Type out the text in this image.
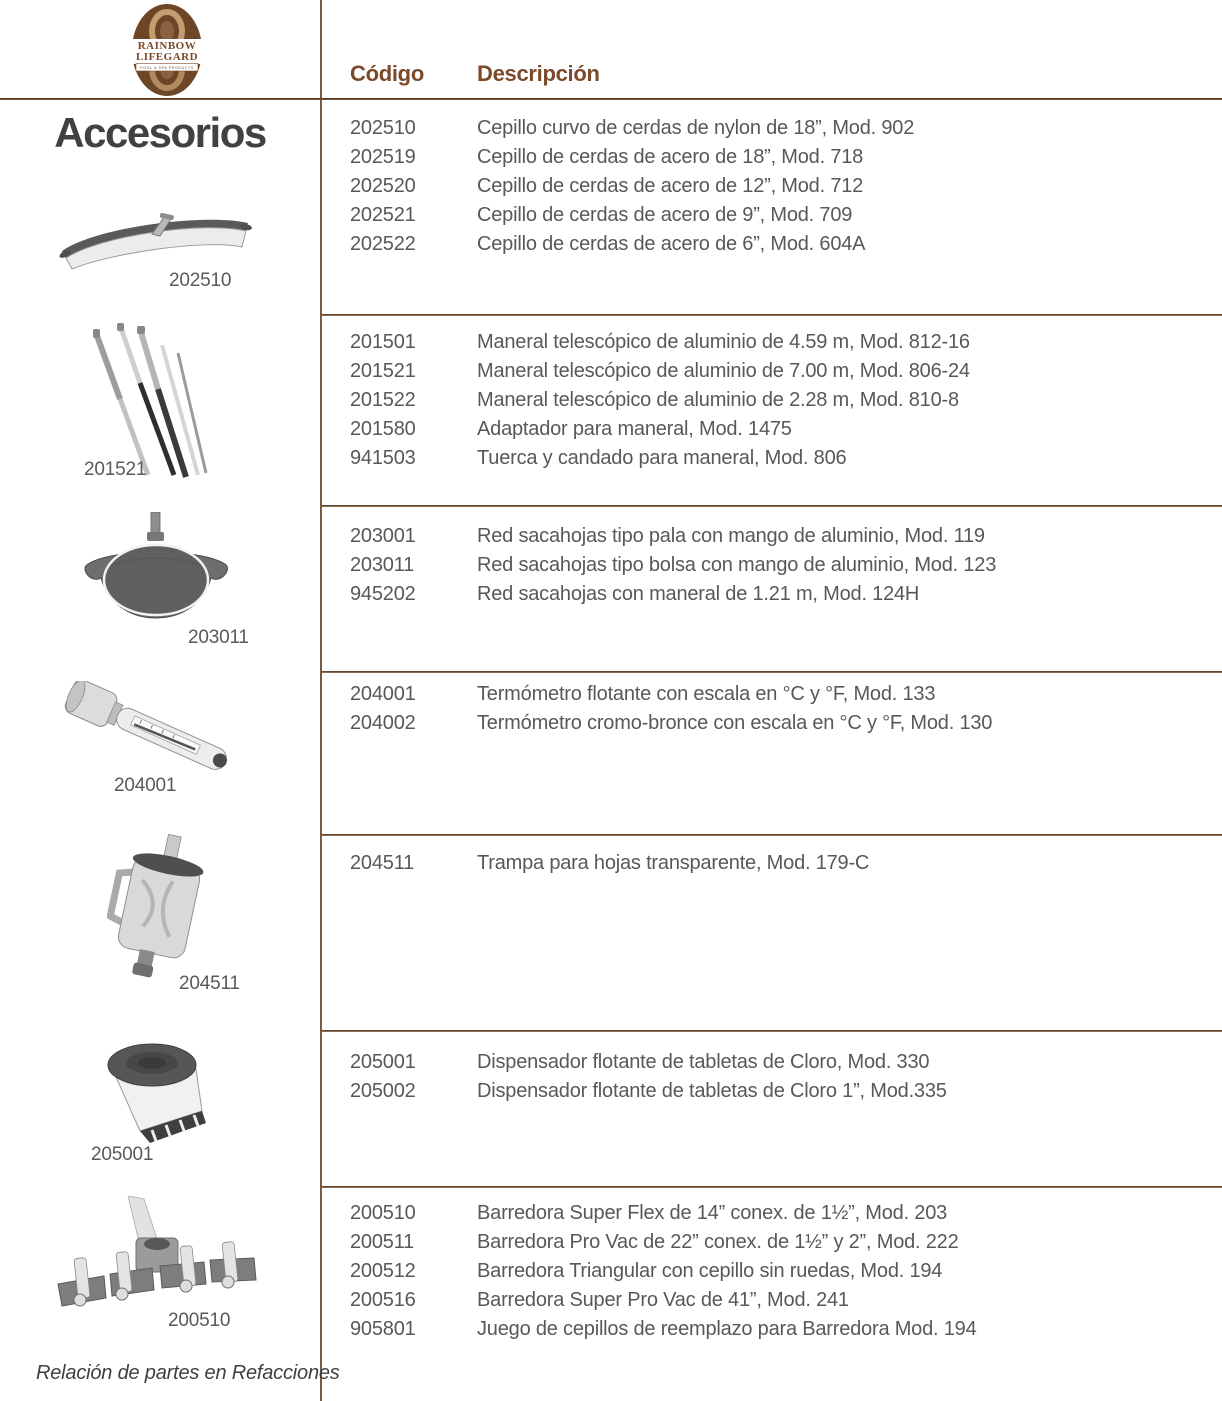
RAINBOW
LIFEGARD
POOL & SPA PRODUCTS
Accesorios
202510
201521
203011
204001
204511
205001
200510
Relación de partes en Refacciones
Código	Descripción
202510	Cepillo curvo de cerdas de nylon de 18”, Mod. 902
202519	Cepillo de cerdas de acero de 18”, Mod. 718
202520	Cepillo de cerdas de acero de 12”, Mod. 712
202521	Cepillo de cerdas de acero de 9”, Mod. 709
202522	Cepillo de cerdas de acero de 6”, Mod. 604A
201501	Maneral telescópico de aluminio de 4.59 m, Mod. 812-16
201521	Maneral telescópico de aluminio de 7.00 m, Mod. 806-24
201522	Maneral telescópico de aluminio de 2.28 m, Mod. 810-8
201580	Adaptador para maneral, Mod. 1475
941503	Tuerca y candado para maneral, Mod. 806
203001	Red sacahojas tipo pala con mango de aluminio, Mod. 119
203011	Red sacahojas tipo bolsa con mango de aluminio, Mod. 123
945202	Red sacahojas con maneral de 1.21 m, Mod. 124H
204001	Termómetro flotante con escala en °C y °F, Mod. 133
204002	Termómetro cromo-bronce con escala en °C y °F, Mod. 130
204511	Trampa para hojas transparente, Mod. 179-C
205001	Dispensador flotante de tabletas de Cloro, Mod. 330
205002	Dispensador flotante de tabletas de Cloro 1”, Mod.335
200510	Barredora Super Flex de 14” conex. de 1½”, Mod. 203
200511	Barredora Pro Vac de 22” conex. de 1½” y 2”, Mod. 222
200512	Barredora Triangular con cepillo sin ruedas, Mod. 194
200516	Barredora Super Pro Vac de 41”, Mod. 241
905801	Juego de cepillos de reemplazo para Barredora Mod. 194
